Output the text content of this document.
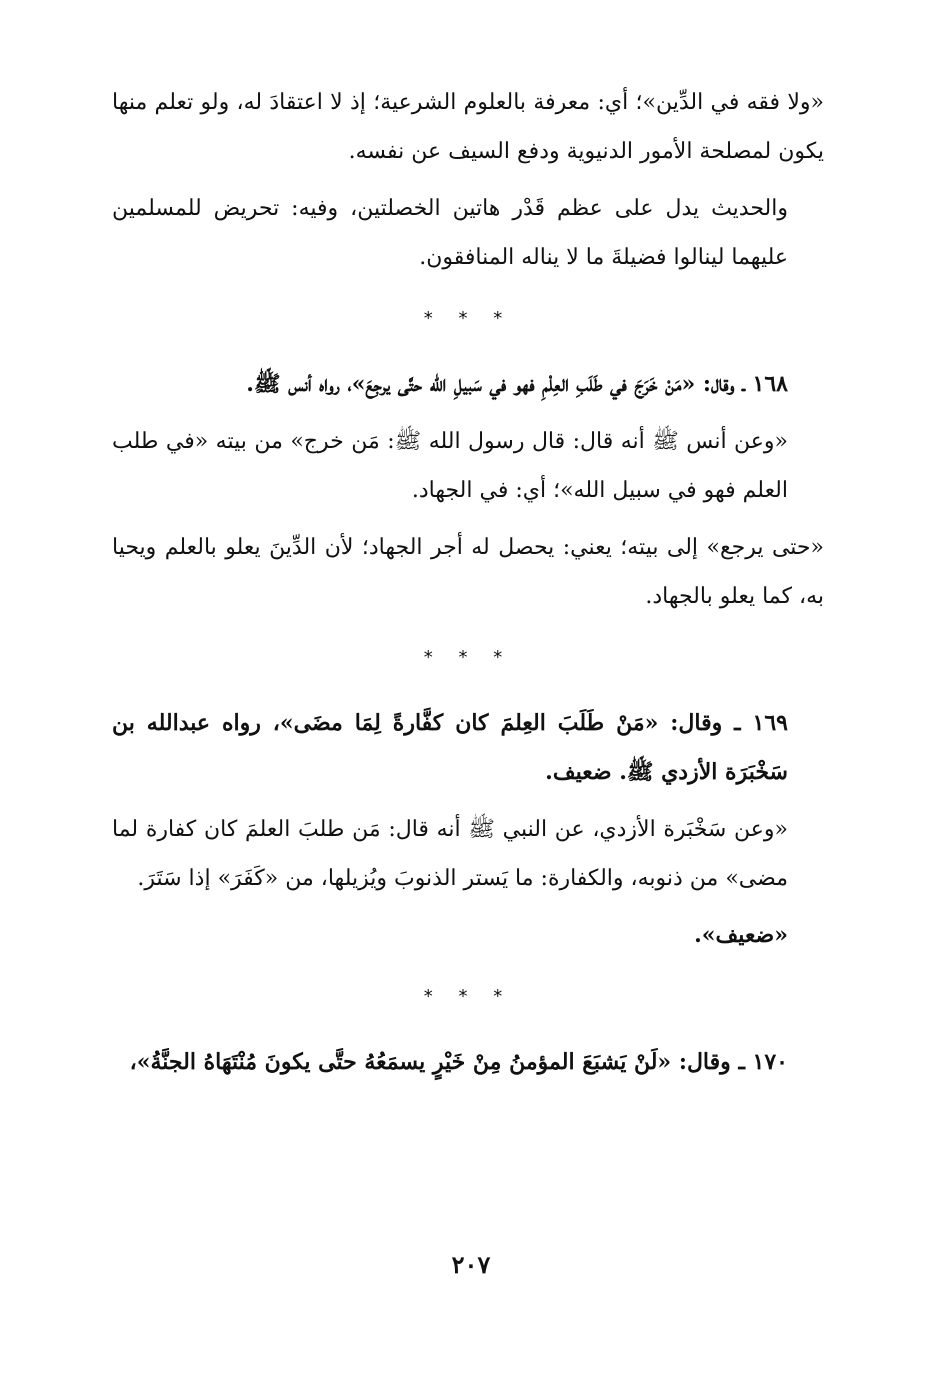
«ولا فقه في الدِّين»؛ أي: معرفة بالعلوم الشرعية؛ إذ لا اعتقادَ له، ولو تعلم منها يكون لمصلحة الأمور الدنيوية ودفع السيف عن نفسه.

والحديث يدل على عظم قَدْر هاتين الخصلتين، وفيه: تحريض للمسلمين عليهما لينالوا فضيلةَ ما لا يناله المنافقون.

* * *

١٦٨ ـ وقال: «مَنْ خَرَجَ في طَلَبِ العِلْمِ فهو في سَبيلِ الله حتَّى يرجِعَ»، رواه أنس ﷺ.

«وعن أنس ﷺ أنه قال: قال رسول الله ﷺ: مَن خرج» من بيته «في طلب العلم فهو في سبيل الله»؛ أي: في الجهاد.

«حتى يرجع» إلى بيته؛ يعني: يحصل له أجر الجهاد؛ لأن الدِّينَ يعلو بالعلم ويحيا به، كما يعلو بالجهاد.

* * *

١٦٩ ـ وقال: «مَنْ طَلَبَ العِلمَ كان كفَّارةً لِمَا مضَى»، رواه عبدالله بن سَخْبَرَة الأزدي ﷺ. ضعيف.

«وعن سَخْبَرة الأزدي، عن النبي ﷺ أنه قال: مَن طلبَ العلمَ كان كفارة لما مضى» من ذنوبه، والكفارة: ما يَستر الذنوبَ ويُزيلها، من «كَفَرَ» إذا سَتَرَ.

«ضعيف».

* * *

١٧٠ ـ وقال: «لَنْ يَشبَعَ المؤمنُ مِنْ خَيْرٍ يسمَعُهُ حتَّى يكونَ مُنْتَهَاهُ الجنَّةُ»،

٢٠٧
